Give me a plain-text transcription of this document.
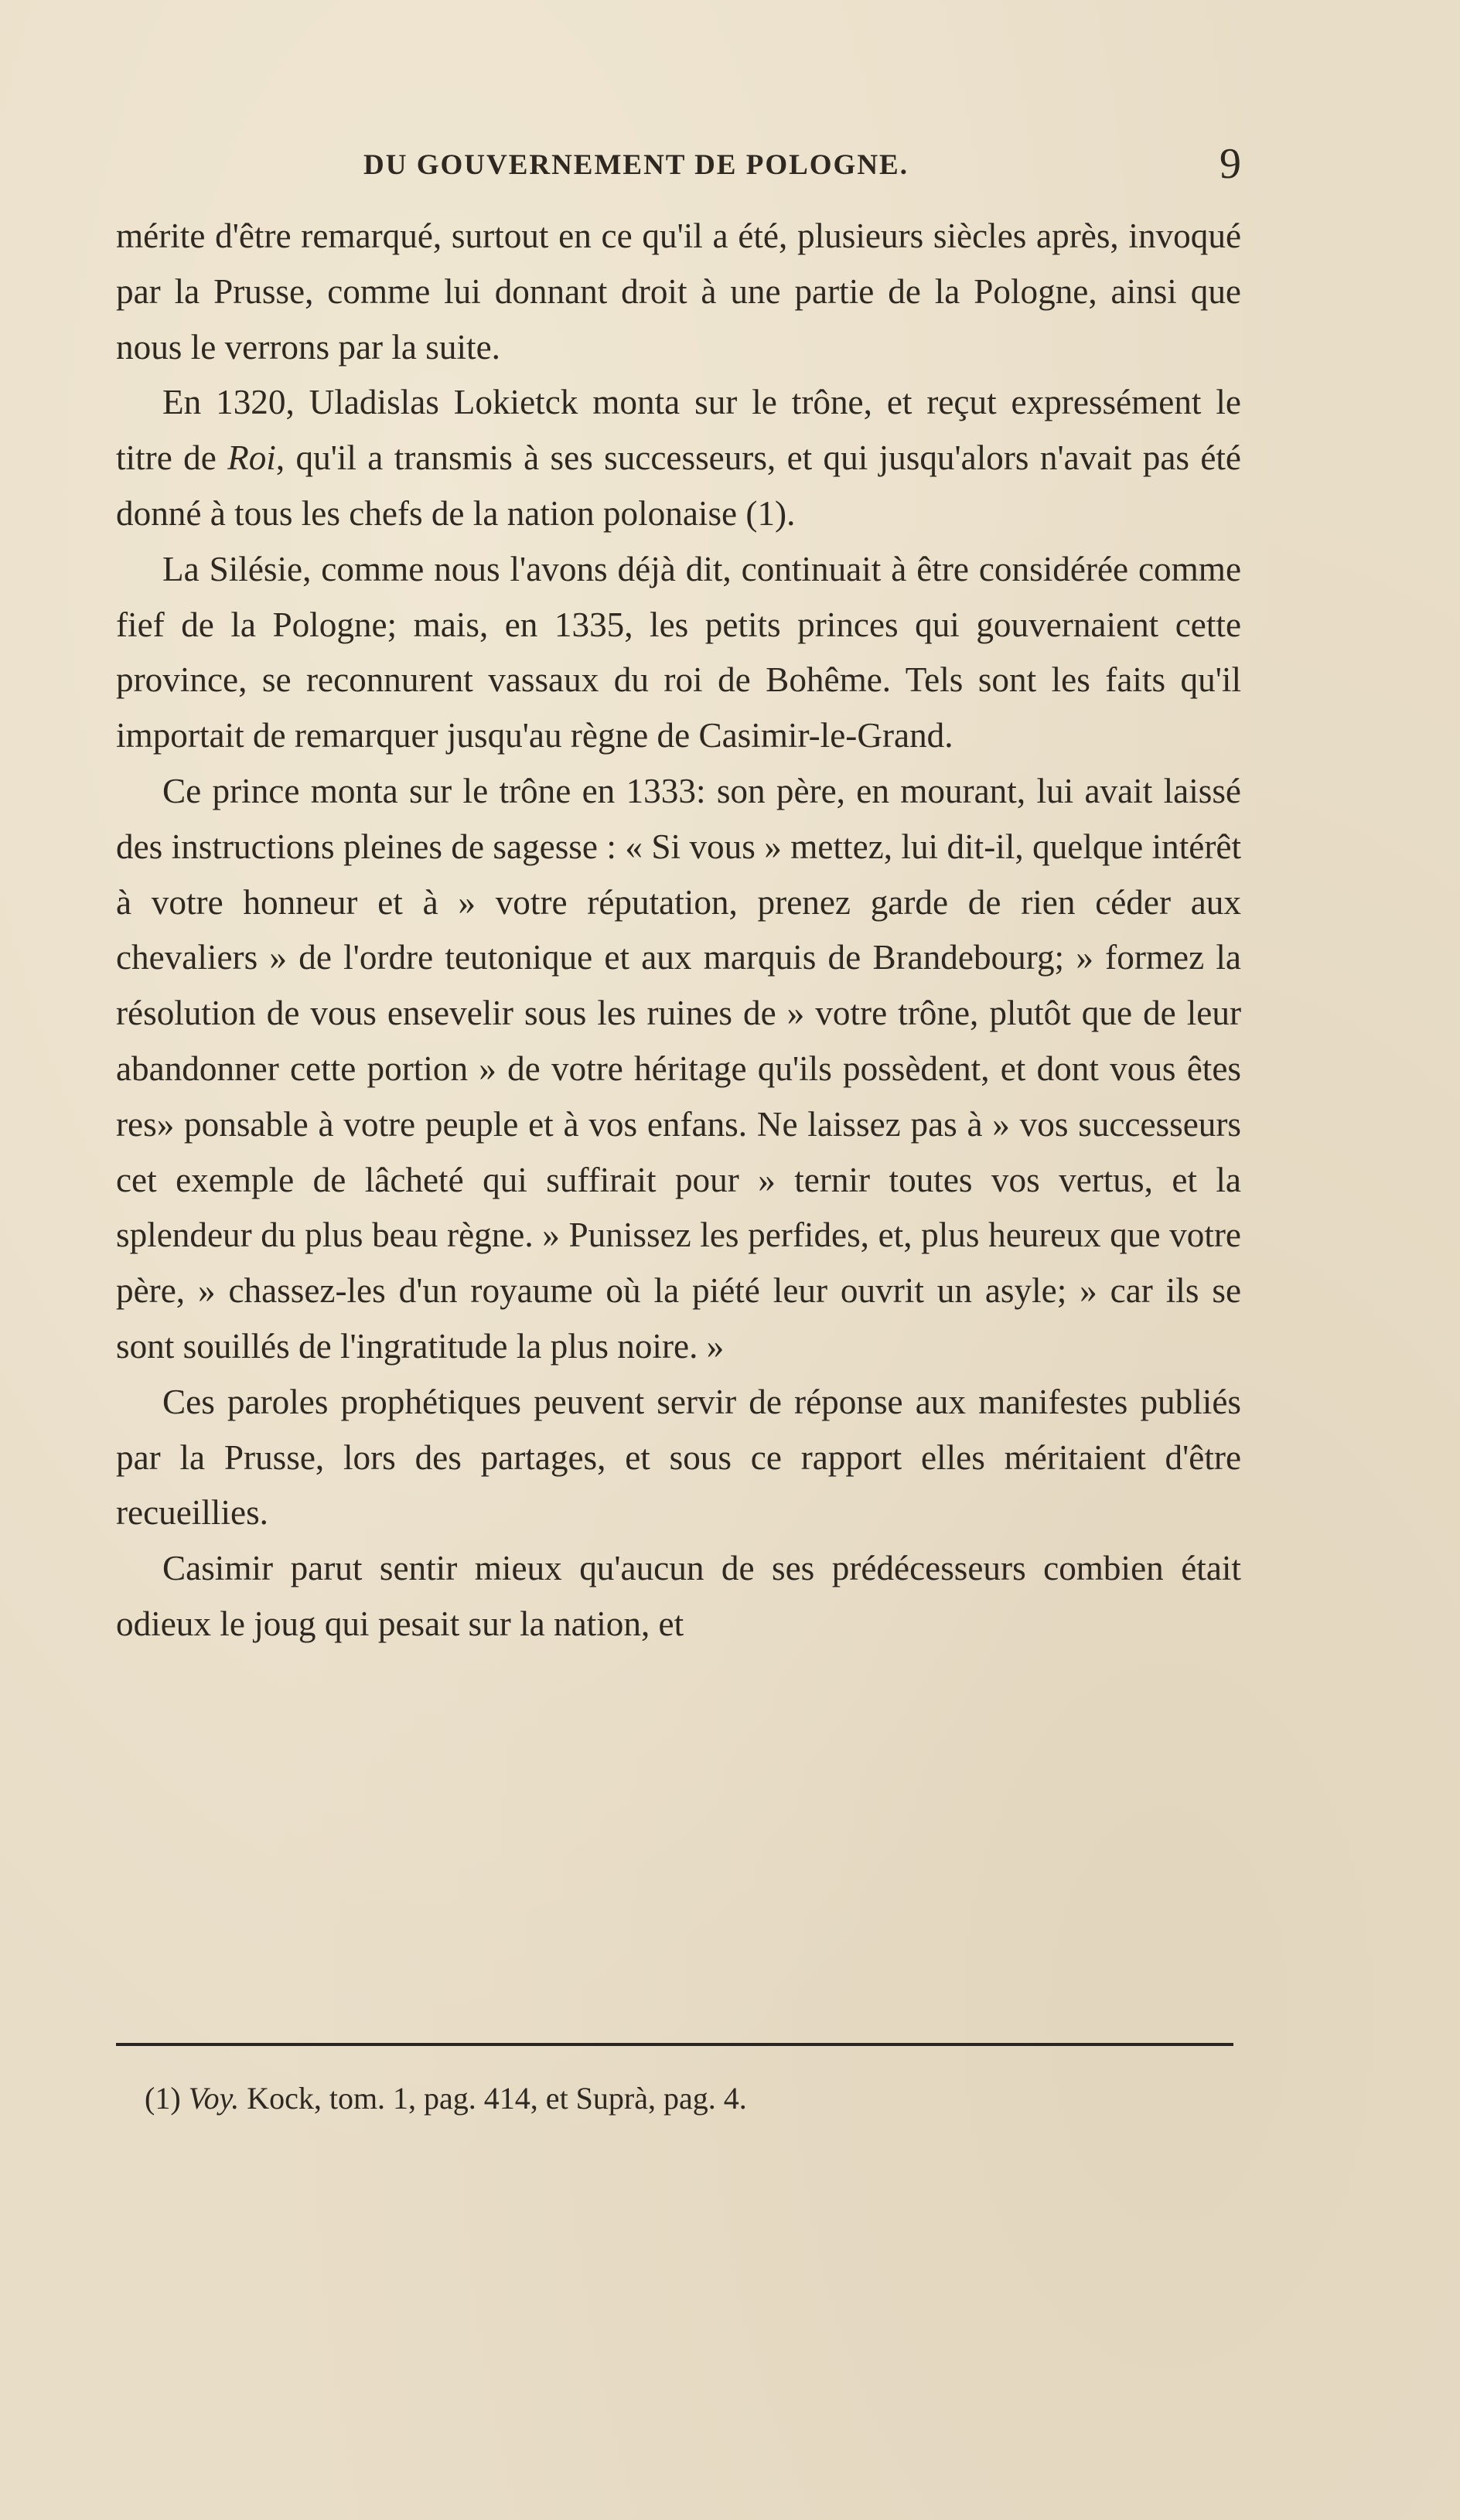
DU GOUVERNEMENT DE POLOGNE.	9

mérite d'être remarqué, surtout en ce qu'il a été, plusieurs siècles après, invoqué par la Prusse, comme lui donnant droit à une partie de la Pologne, ainsi que nous le verrons par la suite.

En 1320, Uladislas Lokietck monta sur le trône, et reçut expressément le titre de Roi, qu'il a transmis à ses successeurs, et qui jusqu'alors n'avait pas été donné à tous les chefs de la nation polonaise (1).

La Silésie, comme nous l'avons déjà dit, continuait à être considérée comme fief de la Pologne; mais, en 1335, les petits princes qui gouvernaient cette province, se reconnurent vassaux du roi de Bohême. Tels sont les faits qu'il importait de remarquer jusqu'au règne de Casimir-le-Grand.

Ce prince monta sur le trône en 1333: son père, en mourant, lui avait laissé des instructions pleines de sagesse : « Si vous » mettez, lui dit-il, quelque intérêt à votre honneur et à » votre réputation, prenez garde de rien céder aux chevaliers » de l'ordre teutonique et aux marquis de Brandebourg; » formez la résolution de vous ensevelir sous les ruines de » votre trône, plutôt que de leur abandonner cette portion » de votre héritage qu'ils possèdent, et dont vous êtes res» ponsable à votre peuple et à vos enfans. Ne laissez pas à » vos successeurs cet exemple de lâcheté qui suffirait pour » ternir toutes vos vertus, et la splendeur du plus beau règne. » Punissez les perfides, et, plus heureux que votre père, » chassez-les d'un royaume où la piété leur ouvrit un asyle; » car ils se sont souillés de l'ingratitude la plus noire. »

Ces paroles prophétiques peuvent servir de réponse aux manifestes publiés par la Prusse, lors des partages, et sous ce rapport elles méritaient d'être recueillies.

Casimir parut sentir mieux qu'aucun de ses prédécesseurs combien était odieux le joug qui pesait sur la nation, et

(1) Voy. Kock, tom. 1, pag. 414, et Suprà, pag. 4.
